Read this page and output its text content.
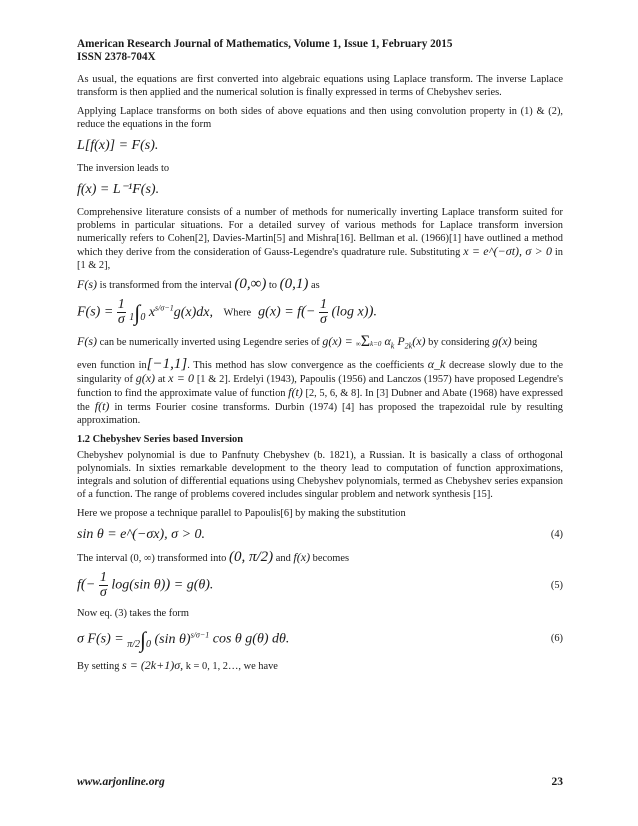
American Research Journal of Mathematics, Volume 1, Issue 1, February 2015
ISSN 2378-704X

As usual, the equations are first converted into algebraic equations using Laplace transform. The inverse Laplace transform is then applied and the numerical solution is finally expressed in terms of Chebyshev series.

Applying Laplace transforms on both sides of above equations and then using convolution property in (1) & (2), reduce the equations in the form

L[f(x)] = F(s).

The inversion leads to

f(x) = L⁻¹F(s).

Comprehensive literature consists of a number of methods for numerically inverting Laplace transform suited for problems in particular situations. For a detailed survey of various methods for Laplace transform inversion numerically refers to Cohen[2], Davies-Martin[5] and Mishra[16]. Bellman et al. (1966)[1] have outlined a method which they derive from the consideration of Gauss-Legendre's quadrature rule. Substituting x = e^(−σt), σ > 0 in [1 & 2],

F(s) is transformed from the interval (0,∞) to (0,1) as

$F(s) = \frac{1}{\sigma} 1\int 0$ $x^{s/\sigma-1}g(x)dx$,   Where  $g(x) = f(- \frac{1}{\sigma} (\log$ x)).

F(s) can be numerically inverted using Legendre series of g(x) = ∞Σk=0 $\alpha_k$ $P_{2k}(x)$ by considering g(x) being

even function in[−1,1]. This method has slow convergence as the coefficients α_k decrease slowly due to the singularity of g(x) at x = 0 [1 & 2]. Erdelyi (1943), Papoulis (1956) and Lanczos (1957) have proposed Legendre's function to find the approximate value of function f(t) [2, 5, 6, & 8]. In [3] Dubner and Abate (1968) have expressed the f(t) in terms Fourier cosine transforms. Durbin (1974) [4] has proposed the trapezoidal rule by resulting approximation.

1.2 Chebyshev Series based Inversion

Chebyshev polynomial is due to Panfnuty Chebyshev (b. 1821), a Russian. It is basically a class of orthogonal polynomials. In sixties remarkable development to the theory lead to computation of function approximations, integrals and solution of differential equations using Chebyshev polynomials, termed as Chebyshev series expansion of a function. The range of problems covered includes singular problem and network synthesis [15].

Here we propose a technique parallel to Papoulis[6] by making the substitution

sin θ = e^(−σx), σ > 0.	(4)

The interval (0, ∞) transformed into (0, π/2) and f(x) becomes

$f(- \frac{1}{\sigma} \log(\sin$ θ)) = g(θ).	(5)

Now eq. (3) takes the form

σ F(s) = π/2∫0 (sin θ)$^{s/\sigma-1}$ cos θ g(θ) dθ.	(6)

By setting s = (2k+1)σ, k = 0, 1, 2…, we have

www.arjonline.org	23
